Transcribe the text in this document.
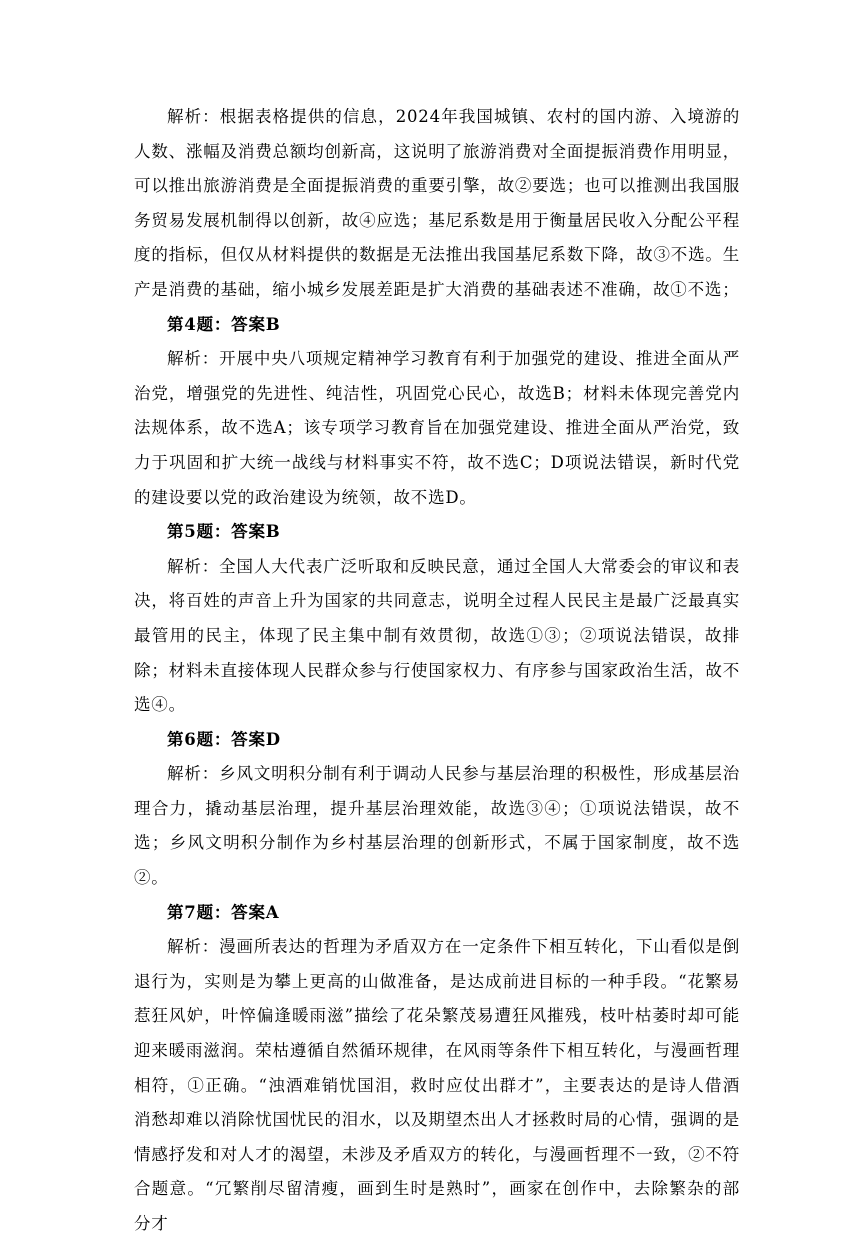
解析：根据表格提供的信息，2024年我国城镇、农村的国内游、入境游的人数、涨幅及消费总额均创新高，这说明了旅游消费对全面提振消费作用明显，可以推出旅游消费是全面提振消费的重要引擎，故②要选；也可以推测出我国服务贸易发展机制得以创新，故④应选；基尼系数是用于衡量居民收入分配公平程度的指标，但仅从材料提供的数据是无法推出我国基尼系数下降，故③不选。生产是消费的基础，缩小城乡发展差距是扩大消费的基础表述不准确，故①不选；

第4题：答案B

解析：开展中央八项规定精神学习教育有利于加强党的建设、推进全面从严治党，增强党的先进性、纯洁性，巩固党心民心，故选B；材料未体现完善党内法规体系，故不选A；该专项学习教育旨在加强党建设、推进全面从严治党，致力于巩固和扩大统一战线与材料事实不符，故不选C；D项说法错误，新时代党的建设要以党的政治建设为统领，故不选D。

第5题：答案B

解析：全国人大代表广泛听取和反映民意，通过全国人大常委会的审议和表决，将百姓的声音上升为国家的共同意志，说明全过程人民民主是最广泛最真实最管用的民主，体现了民主集中制有效贯彻，故选①③；②项说法错误，故排除；材料未直接体现人民群众参与行使国家权力、有序参与国家政治生活，故不选④。

第6题：答案D

解析：乡风文明积分制有利于调动人民参与基层治理的积极性，形成基层治理合力，撬动基层治理，提升基层治理效能，故选③④；①项说法错误，故不选；乡风文明积分制作为乡村基层治理的创新形式，不属于国家制度，故不选②。

第7题：答案A

解析：漫画所表达的哲理为矛盾双方在一定条件下相互转化，下山看似是倒退行为，实则是为攀上更高的山做准备，是达成前进目标的一种手段。“花繁易惹狂风妒，叶悴偏逢暖雨滋”描绘了花朵繁茂易遭狂风摧残，枝叶枯萎时却可能迎来暖雨滋润。荣枯遵循自然循环规律，在风雨等条件下相互转化，与漫画哲理相符，①正确。“浊酒难销忧国泪，救时应仗出群才”，主要表达的是诗人借酒消愁却难以消除忧国忧民的泪水，以及期望杰出人才拯救时局的心情，强调的是情感抒发和对人才的渴望，未涉及矛盾双方的转化，与漫画哲理不一致，②不符合题意。“冗繁削尽留清瘦，画到生时是熟时”，画家在创作中，去除繁杂的部分才
